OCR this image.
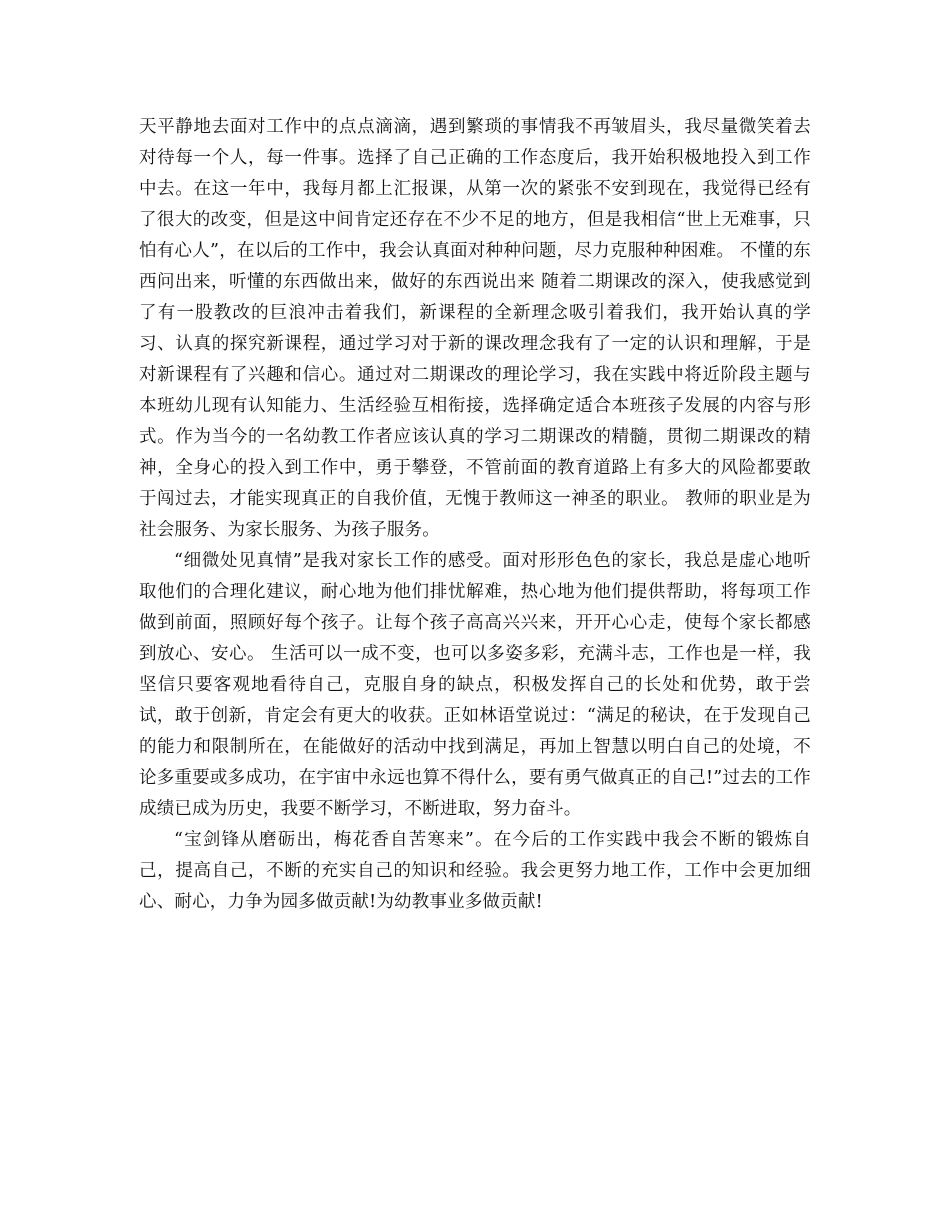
天平静地去面对工作中的点点滴滴，遇到繁琐的事情我不再皱眉头，我尽量微笑着去对待每一个人，每一件事。选择了自己正确的工作态度后，我开始积极地投入到工作中去。在这一年中，我每月都上汇报课，从第一次的紧张不安到现在，我觉得已经有了很大的改变，但是这中间肯定还存在不少不足的地方，但是我相信“世上无难事，只怕有心人”，在以后的工作中，我会认真面对种种问题，尽力克服种种困难。 不懂的东西问出来，听懂的东西做出来，做好的东西说出来 随着二期课改的深入，使我感觉到了有一股教改的巨浪冲击着我们，新课程的全新理念吸引着我们，我开始认真的学习、认真的探究新课程，通过学习对于新的课改理念我有了一定的认识和理解，于是对新课程有了兴趣和信心。通过对二期课改的理论学习，我在实践中将近阶段主题与本班幼儿现有认知能力、生活经验互相衔接，选择确定适合本班孩子发展的内容与形式。作为当今的一名幼教工作者应该认真的学习二期课改的精髓，贯彻二期课改的精神，全身心的投入到工作中，勇于攀登，不管前面的教育道路上有多大的风险都要敢于闯过去，才能实现真正的自我价值，无愧于教师这一神圣的职业。 教师的职业是为社会服务、为家长服务、为孩子服务。

“细微处见真情”是我对家长工作的感受。面对形形色色的家长，我总是虚心地听取他们的合理化建议，耐心地为他们排忧解难，热心地为他们提供帮助，将每项工作做到前面，照顾好每个孩子。让每个孩子高高兴兴来，开开心心走，使每个家长都感到放心、安心。 生活可以一成不变，也可以多姿多彩，充满斗志，工作也是一样，我坚信只要客观地看待自己，克服自身的缺点，积极发挥自己的长处和优势，敢于尝试，敢于创新，肯定会有更大的收获。正如林语堂说过：“满足的秘诀，在于发现自己的能力和限制所在，在能做好的活动中找到满足，再加上智慧以明白自己的处境，不论多重要或多成功，在宇宙中永远也算不得什么，要有勇气做真正的自己!”过去的工作成绩已成为历史，我要不断学习，不断进取，努力奋斗。

“宝剑锋从磨砺出，梅花香自苦寒来”。在今后的工作实践中我会不断的锻炼自己，提高自己，不断的充实自己的知识和经验。我会更努力地工作，工作中会更加细心、耐心，力争为园多做贡献!为幼教事业多做贡献!
